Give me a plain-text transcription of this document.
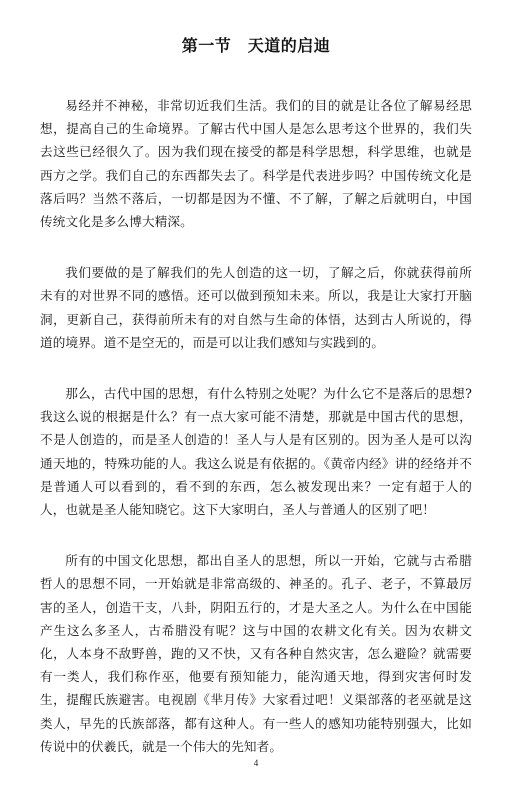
第一节　天道的启迪

易经并不神秘，非常切近我们生活。我们的目的就是让各位了解易经思想，提高自己的生命境界。了解古代中国人是怎么思考这个世界的，我们失去这些已经很久了。因为我们现在接受的都是科学思想，科学思维，也就是西方之学。我们自己的东西都失去了。科学是代表进步吗？中国传统文化是落后吗？当然不落后，一切都是因为不懂、不了解，了解之后就明白，中国传统文化是多么博大精深。

我们要做的是了解我们的先人创造的这一切，了解之后，你就获得前所未有的对世界不同的感悟。还可以做到预知未来。所以，我是让大家打开脑洞，更新自己，获得前所未有的对自然与生命的体悟，达到古人所说的，得道的境界。道不是空无的，而是可以让我们感知与实践到的。

那么，古代中国的思想，有什么特别之处呢？为什么它不是落后的思想?我这么说的根据是什么？有一点大家可能不清楚，那就是中国古代的思想，不是人创造的，而是圣人创造的！圣人与人是有区别的。因为圣人是可以沟通天地的，特殊功能的人。我这么说是有依据的。《黄帝内经》讲的经络并不是普通人可以看到的，看不到的东西，怎么被发现出来？一定有超于人的人，也就是圣人能知晓它。这下大家明白，圣人与普通人的区别了吧！

所有的中国文化思想，都出自圣人的思想，所以一开始，它就与古希腊哲人的思想不同，一开始就是非常高级的、神圣的。孔子、老子，不算最厉害的圣人，创造干支，八卦，阴阳五行的，才是大圣之人。为什么在中国能产生这么多圣人，古希腊没有呢？这与中国的农耕文化有关。因为农耕文化，人本身不敌野兽，跑的又不快，又有各种自然灾害，怎么避险？就需要有一类人，我们称作巫，他要有预知能力，能沟通天地，得到灾害何时发生，提醒氏族避害。电视剧《芈月传》大家看过吧！义渠部落的老巫就是这类人，早先的氏族部落，都有这种人。有一些人的感知功能特别强大，比如传说中的伏羲氏，就是一个伟大的先知者。

4
